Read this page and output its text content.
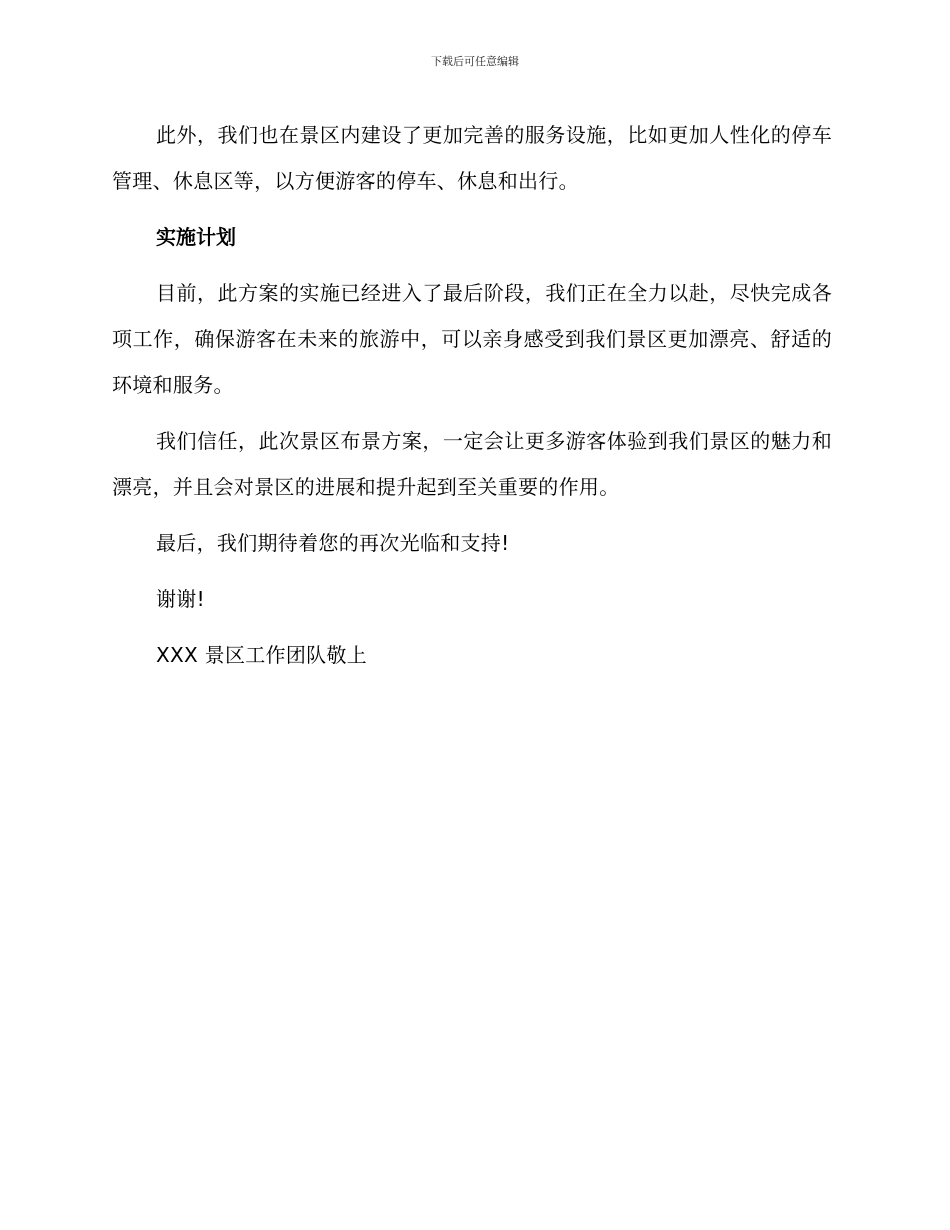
下载后可任意编辑

此外，我们也在景区内建设了更加完善的服务设施，比如更加人性化的停车管理、休息区等，以方便游客的停车、休息和出行。

实施计划

目前，此方案的实施已经进入了最后阶段，我们正在全力以赴，尽快完成各项工作，确保游客在未来的旅游中，可以亲身感受到我们景区更加漂亮、舒适的环境和服务。

我们信任，此次景区布景方案，一定会让更多游客体验到我们景区的魅力和漂亮，并且会对景区的进展和提升起到至关重要的作用。

最后，我们期待着您的再次光临和支持!

谢谢!

XXX 景区工作团队敬上
